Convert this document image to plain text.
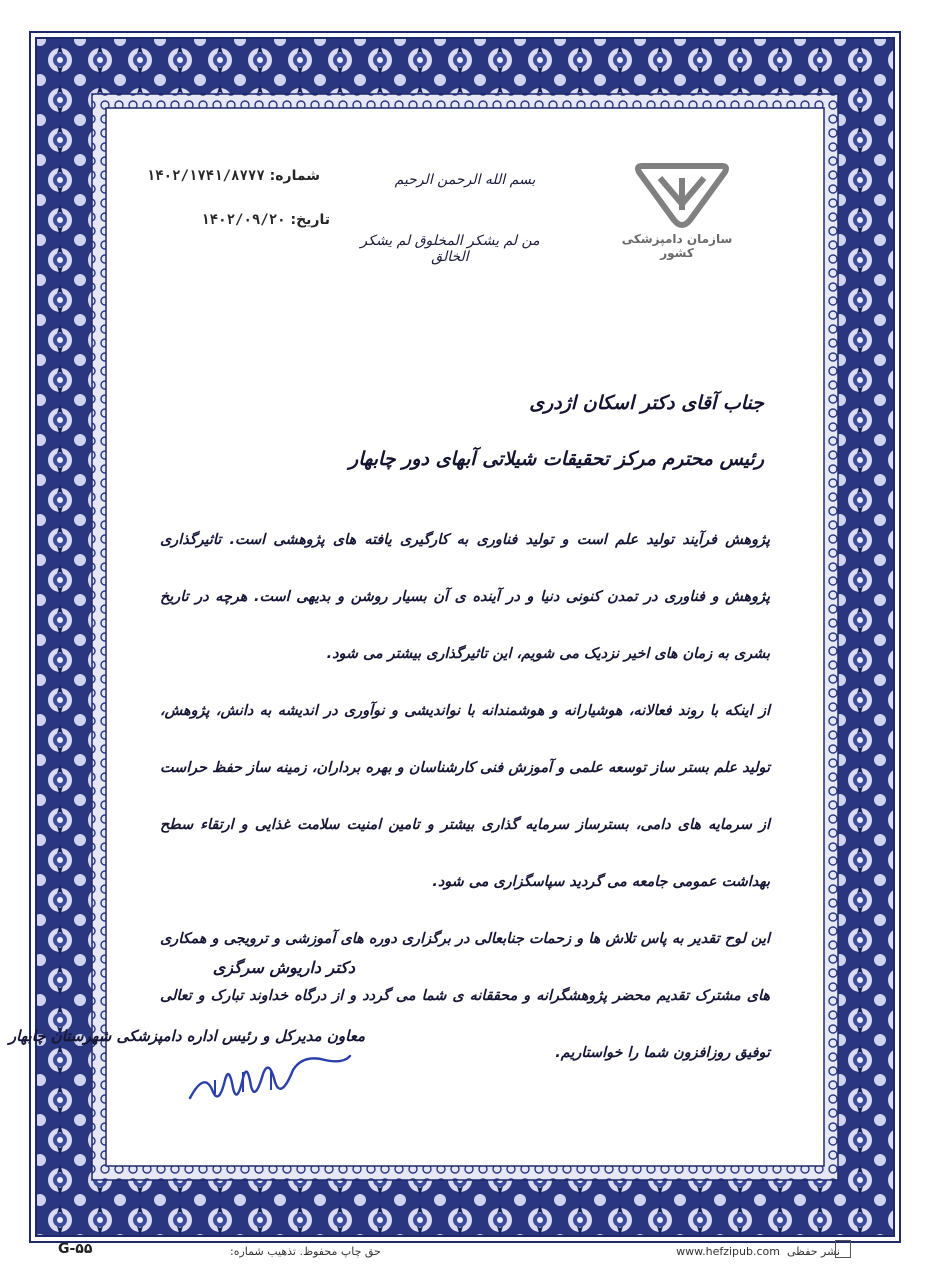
بسم الله الرحمن الرحیم
من لم یشکر المخلوق لم یشکر الخالق
شماره: ۱۴۰۲/۱۷۴۱/۸۷۷۷
تاریخ: ۱۴۰۲/۰۹/۲۰
سازمان دامپزشکی کشور
جناب آقای دکتر اسکان اژدری
رئیس محترم مرکز تحقیقات شیلاتی آبهای دور چابهار

پژوهش فرآیند تولید علم است و تولید فناوری به کارگیری یافته های پژوهشی است. تاثیرگذاری پژوهش و فناوری در تمدن کنونی دنیا و در آینده ی آن بسیار روشن و بدیهی است. هرچه در تاریخ بشری به زمان های اخیر نزدیک می شویم، این تاثیرگذاری بیشتر می شود.

از اینکه با روند فعالانه، هوشیارانه و هوشمندانه با نواندیشی و نوآوری در اندیشه به دانش، پژوهش، تولید علم بستر ساز توسعه علمی و آموزش فنی کارشناسان و بهره برداران، زمینه ساز حفظ حراست از سرمایه های دامی، بسترساز سرمایه گذاری بیشتر و تامین امنیت سلامت غذایی و ارتقاء سطح بهداشت عمومی جامعه می گردید سپاسگزاری می شود.

این لوح تقدیر به پاس تلاش ها و زحمات جنابعالی در برگزاری دوره های آموزشی و ترویجی و همکاری های مشترک تقدیم محضر پژوهشگرانه و محققانه ی شما می گردد و از درگاه خداوند تبارک و تعالی توفیق روزافزون شما را خواستاریم.

دکتر داریوش سرگزی
معاون مدیرکل و رئیس اداره دامپزشکی شهرستان چابهار
G-۵۵	حق چاپ محفوظ. تذهیب شماره:	www.hefzipub.com نشر حفظی
